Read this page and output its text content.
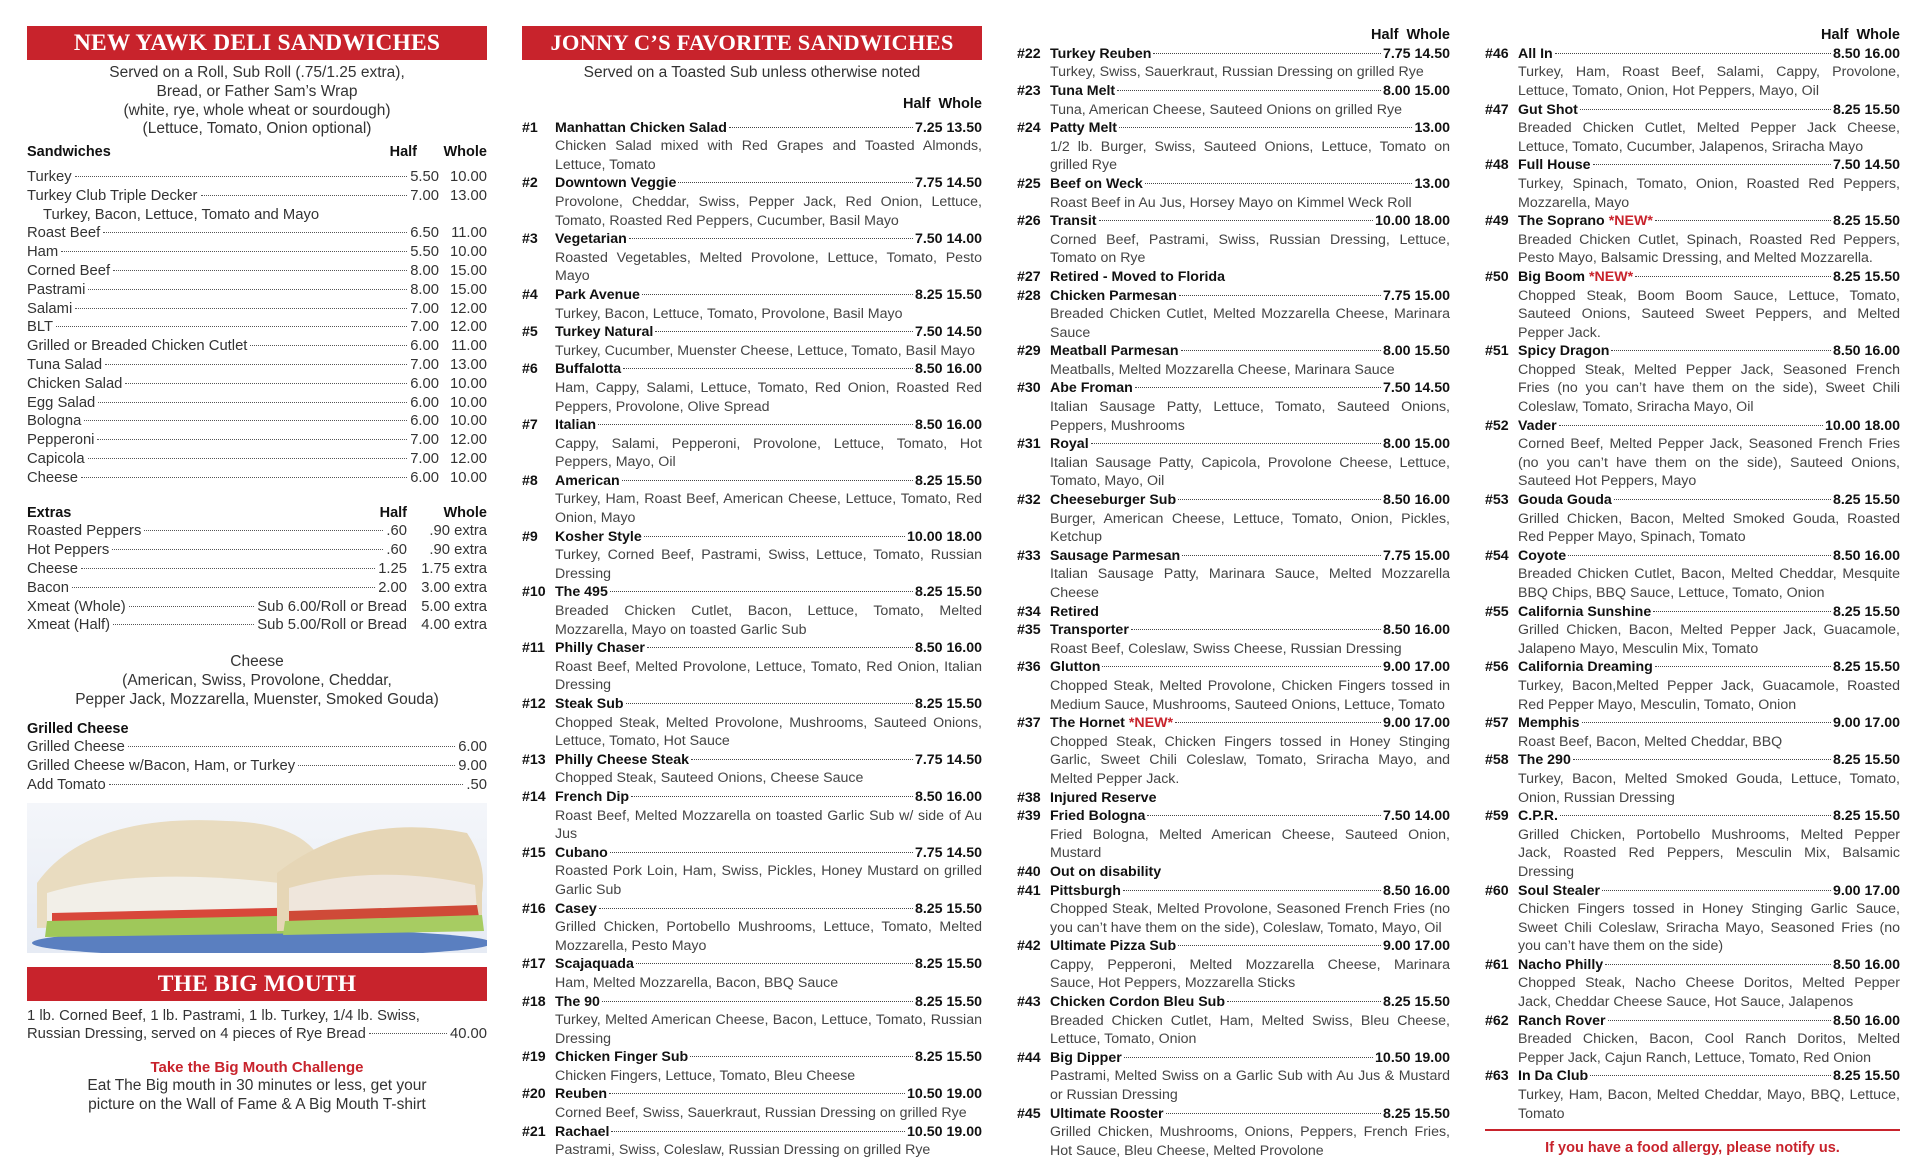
NEW YAWK DELI SANDWICHES
Served on a Roll, Sub Roll (.75/1.25 extra),
Bread, or Father Sam’s Wrap
(white, rye, whole wheat or sourdough)
(Lettuce, Tomato, Onion optional)
Sandwiches	Half Whole
Turkey	5.50 10.00
Turkey Club Triple Decker	7.00 13.00
Turkey, Bacon, Lettuce, Tomato and Mayo
Roast Beef	6.50 11.00
Ham	5.50 10.00
Corned Beef	8.00 15.00
Pastrami	8.00 15.00
Salami	7.00 12.00
BLT	7.00 12.00
Grilled or Breaded Chicken Cutlet	6.00 11.00
Tuna Salad	7.00 13.00
Chicken Salad	6.00 10.00
Egg Salad	6.00 10.00
Bologna	6.00 10.00
Pepperoni	7.00 12.00
Capicola	7.00 12.00
Cheese	6.00 10.00
Extras	Half	Whole
Roasted Peppers	.60 .90 extra
Hot Peppers	.60 .90 extra
Cheese	1.25 1.75 extra
Bacon	2.00 3.00 extra
Xmeat (Whole)	Sub 6.00/Roll or Bread 5.00 extra
Xmeat (Half)	Sub 5.00/Roll or Bread 4.00 extra
Cheese
(American, Swiss, Provolone, Cheddar,
Pepper Jack, Mozzarella, Muenster, Smoked Gouda)
Grilled Cheese
Grilled Cheese	6.00
Grilled Cheese w/Bacon, Ham, or Turkey	9.00
Add Tomato	.50
THE BIG MOUTH
1 lb. Corned Beef, 1 lb. Pastrami, 1 lb. Turkey, 1/4 lb. Swiss,
Russian Dressing, served on 4 pieces of Rye Bread	40.00
Take the Big Mouth Challenge
Eat The Big mouth in 30 minutes or less, get your
picture on the Wall of Fame & A Big Mouth T-shirt
JONNY C’S FAVORITE SANDWICHES
Served on a Toasted Sub unless otherwise noted
Half  Whole
#1	Manhattan Chicken Salad	7.25 13.50
Chicken Salad mixed with Red Grapes and Toasted Almonds, Lettuce, Tomato
#2	Downtown Veggie	7.75 14.50
Provolone, Cheddar, Swiss, Pepper Jack, Red Onion, Lettuce, Tomato, Roasted Red Peppers, Cucumber, Basil Mayo
#3	Vegetarian	7.50 14.00
Roasted Vegetables, Melted Provolone, Lettuce, Tomato, Pesto Mayo
#4	Park Avenue	8.25 15.50
Turkey, Bacon, Lettuce, Tomato, Provolone, Basil Mayo
#5	Turkey Natural	7.50 14.50
Turkey, Cucumber, Muenster Cheese, Lettuce, Tomato, Basil Mayo
#6	Buffalotta	8.50 16.00
Ham, Cappy, Salami, Lettuce, Tomato, Red Onion, Roasted Red Peppers, Provolone, Olive Spread
#7	Italian	8.50 16.00
Cappy, Salami, Pepperoni, Provolone, Lettuce, Tomato, Hot Peppers, Mayo, Oil
#8	American	8.25 15.50
Turkey, Ham, Roast Beef, American Cheese, Lettuce, Tomato, Red Onion, Mayo
#9	Kosher Style	10.00 18.00
Turkey, Corned Beef, Pastrami, Swiss, Lettuce, Tomato, Russian Dressing
#10 The 495	8.25 15.50
Breaded Chicken Cutlet, Bacon, Lettuce, Tomato, Melted Mozzarella, Mayo on toasted Garlic Sub
#11 Philly Chaser	8.50 16.00
Roast Beef, Melted Provolone, Lettuce, Tomato, Red Onion, Italian Dressing
#12 Steak Sub	8.25 15.50
Chopped Steak, Melted Provolone, Mushrooms, Sauteed Onions, Lettuce, Tomato, Hot Sauce
#13 Philly Cheese Steak	7.75 14.50
Chopped Steak, Sauteed Onions, Cheese Sauce
#14 French Dip	8.50 16.00
Roast Beef, Melted Mozzarella on toasted Garlic Sub w/ side of Au Jus
#15 Cubano	7.75 14.50
Roasted Pork Loin, Ham, Swiss, Pickles, Honey Mustard on grilled Garlic Sub
#16 Casey	8.25 15.50
Grilled Chicken, Portobello Mushrooms, Lettuce, Tomato, Melted Mozzarella, Pesto Mayo
#17 Scajaquada	8.25 15.50
Ham, Melted Mozzarella, Bacon, BBQ Sauce
#18 The 90	8.25 15.50
Turkey, Melted American Cheese, Bacon, Lettuce, Tomato, Russian Dressing
#19 Chicken Finger Sub	8.25 15.50
Chicken Fingers, Lettuce, Tomato, Bleu Cheese
#20 Reuben	10.50 19.00
Corned Beef, Swiss, Sauerkraut, Russian Dressing on grilled Rye
#21 Rachael	10.50 19.00
Pastrami, Swiss, Coleslaw, Russian Dressing on grilled Rye
Half  Whole
#22 Turkey Reuben	7.75 14.50
Turkey, Swiss, Sauerkraut, Russian Dressing on grilled Rye
#23 Tuna Melt	8.00 15.00
Tuna, American Cheese, Sauteed Onions on grilled Rye
#24 Patty Melt	13.00
1/2 lb. Burger, Swiss, Sauteed Onions, Lettuce, Tomato on grilled Rye
#25 Beef on Weck	13.00
Roast Beef in Au Jus, Horsey Mayo on Kimmel Weck Roll
#26 Transit	10.00 18.00
Corned Beef, Pastrami, Swiss, Russian Dressing, Lettuce, Tomato on Rye
#27 Retired - Moved to Florida
#28 Chicken Parmesan	7.75 15.00
Breaded Chicken Cutlet, Melted Mozzarella Cheese, Marinara Sauce
#29 Meatball Parmesan	8.00 15.50
Meatballs, Melted Mozzarella Cheese, Marinara Sauce
#30 Abe Froman	7.50 14.50
Italian Sausage Patty, Lettuce, Tomato, Sauteed Onions, Peppers, Mushrooms
#31 Royal	8.00 15.00
Italian Sausage Patty, Capicola, Provolone Cheese, Lettuce, Tomato, Mayo, Oil
#32 Cheeseburger Sub	8.50 16.00
Burger, American Cheese, Lettuce, Tomato, Onion, Pickles, Ketchup
#33 Sausage Parmesan	7.75 15.00
Italian Sausage Patty, Marinara Sauce, Melted Mozzarella Cheese
#34 Retired
#35 Transporter	8.50 16.00
Roast Beef, Coleslaw, Swiss Cheese, Russian Dressing
#36 Glutton	9.00 17.00
Chopped Steak, Melted Provolone, Chicken Fingers tossed in Medium Sauce, Mushrooms, Sauteed Onions, Lettuce, Tomato
#37 The Hornet *NEW*	9.00 17.00
Chopped Steak, Chicken Fingers tossed in Honey Stinging Garlic, Sweet Chili Coleslaw, Tomato, Sriracha Mayo, and Melted Pepper Jack.
#38 Injured Reserve
#39 Fried Bologna	7.50 14.00
Fried Bologna, Melted American Cheese, Sauteed Onion, Mustard
#40 Out on disability
#41 Pittsburgh	8.50 16.00
Chopped Steak, Melted Provolone, Seasoned French Fries (no you can’t have them on the side), Coleslaw, Tomato, Mayo, Oil
#42 Ultimate Pizza Sub	9.00 17.00
Cappy, Pepperoni, Melted Mozzarella Cheese, Marinara Sauce, Hot Peppers, Mozzarella Sticks
#43 Chicken Cordon Bleu Sub	8.25 15.50
Breaded Chicken Cutlet, Ham, Melted Swiss, Bleu Cheese, Lettuce, Tomato, Onion
#44 Big Dipper	10.50 19.00
Pastrami, Melted Swiss on a Garlic Sub with Au Jus & Mustard or Russian Dressing
#45 Ultimate Rooster	8.25 15.50
Grilled Chicken, Mushrooms, Onions, Peppers, French Fries, Hot Sauce, Bleu Cheese, Melted Provolone
Half  Whole
#46 All In	8.50 16.00
Turkey, Ham, Roast Beef, Salami, Cappy, Provolone, Lettuce, Tomato, Onion, Hot Peppers, Mayo, Oil
#47 Gut Shot	8.25 15.50
Breaded Chicken Cutlet, Melted Pepper Jack Cheese, Lettuce, Tomato, Cucumber, Jalapenos, Sriracha Mayo
#48 Full House	7.50 14.50
Turkey, Spinach, Tomato, Onion, Roasted Red Peppers, Mozzarella, Mayo
#49 The Soprano *NEW*	8.25 15.50
Breaded Chicken Cutlet, Spinach, Roasted Red Peppers, Pesto Mayo, Balsamic Dressing, and Melted Mozzarella.
#50 Big Boom *NEW*	8.25 15.50
Chopped Steak, Boom Boom Sauce, Lettuce, Tomato, Sauteed Onions, Sauteed Sweet Peppers, and Melted Pepper Jack.
#51 Spicy Dragon	8.50 16.00
Chopped Steak, Melted Pepper Jack, Seasoned French Fries (no you can’t have them on the side), Sweet Chili Coleslaw, Tomato, Sriracha Mayo, Oil
#52 Vader	10.00 18.00
Corned Beef, Melted Pepper Jack, Seasoned French Fries (no you can’t have them on the side), Sauteed Onions, Sauteed Hot Peppers, Mayo
#53 Gouda Gouda	8.25 15.50
Grilled Chicken, Bacon, Melted Smoked Gouda, Roasted Red Pepper Mayo, Spinach, Tomato
#54 Coyote	8.50 16.00
Breaded Chicken Cutlet, Bacon, Melted Cheddar, Mesquite BBQ Chips, BBQ Sauce, Lettuce, Tomato, Onion
#55 California Sunshine	8.25 15.50
Grilled Chicken, Bacon, Melted Pepper Jack, Guacamole, Jalapeno Mayo, Mesculin Mix, Tomato
#56 California Dreaming	8.25 15.50
Turkey, Bacon,Melted Pepper Jack, Guacamole, Roasted Red Pepper Mayo, Mesculin, Tomato, Onion
#57 Memphis	9.00 17.00
Roast Beef, Bacon, Melted Cheddar, BBQ
#58 The 290	8.25 15.50
Turkey, Bacon, Melted Smoked Gouda, Lettuce, Tomato, Onion, Russian Dressing
#59 C.P.R.	8.25 15.50
Grilled Chicken, Portobello Mushrooms, Melted Pepper Jack, Roasted Red Peppers, Mesculin Mix, Balsamic Dressing
#60 Soul Stealer	9.00 17.00
Chicken Fingers tossed in Honey Stinging Garlic Sauce, Sweet Chili Coleslaw, Sriracha Mayo, Seasoned Fries (no you can’t have them on the side)
#61 Nacho Philly	8.50 16.00
Chopped Steak, Nacho Cheese Doritos, Melted Pepper Jack, Cheddar Cheese Sauce, Hot Sauce, Jalapenos
#62 Ranch Rover	8.50 16.00
Breaded Chicken, Bacon, Cool Ranch Doritos, Melted Pepper Jack, Cajun Ranch, Lettuce, Tomato, Red Onion
#63 In Da Club	8.25 15.50
Turkey, Ham, Bacon, Melted Cheddar, Mayo, BBQ, Lettuce, Tomato
If you have a food allergy, please notify us.
